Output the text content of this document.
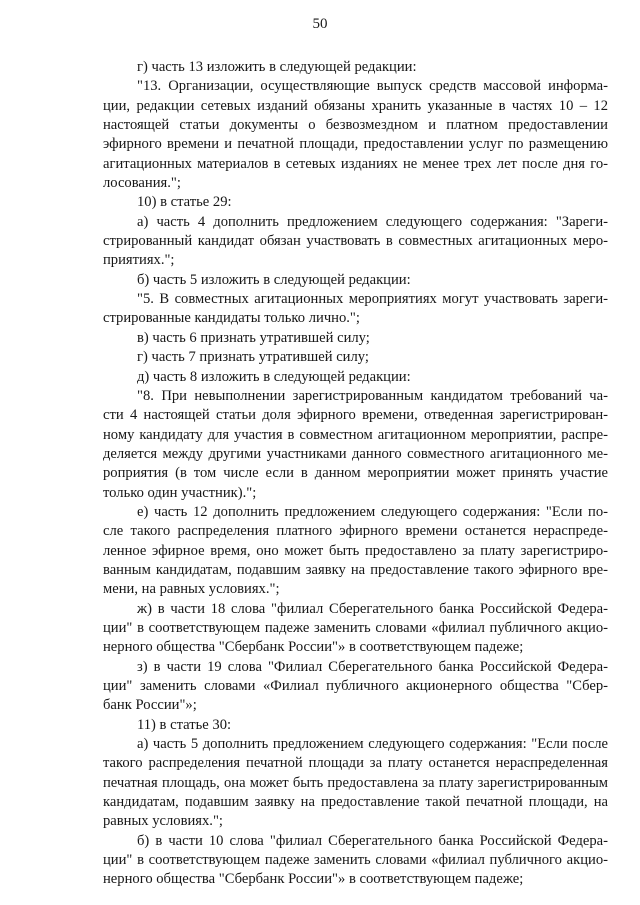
50
г) часть 13 изложить в следующей редакции:
"13. Организации, осуществляющие выпуск средств массовой информа-
ции, редакции сетевых изданий обязаны хранить указанные в частях 10 – 12
настоящей статьи документы о безвозмездном и платном предоставлении
эфирного времени и печатной площади, предоставлении услуг по размещению
агитационных материалов в сетевых изданиях не менее трех лет после дня го-
лосования.";
10) в статье 29:
а) часть 4 дополнить предложением следующего содержания: "Зареги-
стрированный кандидат обязан участвовать в совместных агитационных меро-
приятиях.";
б) часть 5 изложить в следующей редакции:
"5. В совместных агитационных мероприятиях могут участвовать зареги-
стрированные кандидаты только лично.";
в) часть 6 признать утратившей силу;
г) часть 7 признать утратившей силу;
д) часть 8 изложить в следующей редакции:
"8. При невыполнении зарегистрированным кандидатом требований ча-
сти 4 настоящей статьи доля эфирного времени, отведенная зарегистрирован-
ному кандидату для участия в совместном агитационном мероприятии, распре-
деляется между другими участниками данного совместного агитационного ме-
роприятия (в том числе если в данном мероприятии может принять участие
только один участник).";
е) часть 12 дополнить предложением следующего содержания: "Если по-
сле такого распределения платного эфирного времени останется нераспреде-
ленное эфирное время, оно может быть предоставлено за плату зарегистриро-
ванным кандидатам, подавшим заявку на предоставление такого эфирного вре-
мени, на равных условиях.";
ж) в части 18 слова "филиал Сберегательного банка Российской Федера-
ции" в соответствующем падеже заменить словами «филиал публичного акцио-
нерного общества "Сбербанк России"» в соответствующем падеже;
з) в части 19 слова "Филиал Сберегательного банка Российской Федера-
ции" заменить словами «Филиал публичного акционерного общества "Сбер-
банк России"»;
11) в статье 30:
а) часть 5 дополнить предложением следующего содержания: "Если после
такого распределения печатной площади за плату останется нераспределенная
печатная площадь, она может быть предоставлена за плату зарегистрированным
кандидатам, подавшим заявку на предоставление такой печатной площади, на
равных условиях.";
б) в части 10 слова "филиал Сберегательного банка Российской Федера-
ции" в соответствующем падеже заменить словами «филиал публичного акцио-
нерного общества "Сбербанк России"» в соответствующем падеже;
